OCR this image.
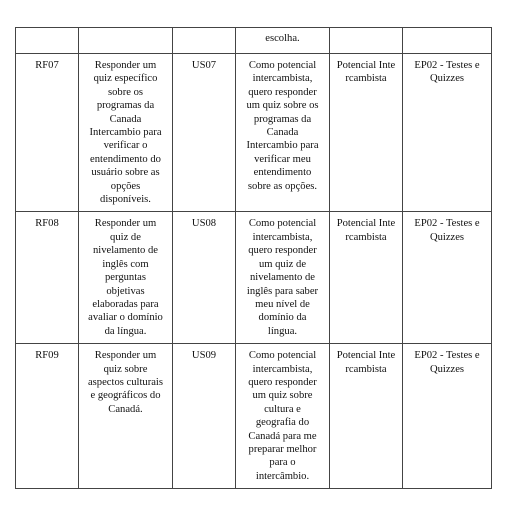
			escolha.		
RF07	Responder um quiz específico sobre os programas da Canada Intercambio para verificar o entendimento do usuário sobre as opções disponíveis.	US07	Como potencial intercambista, quero responder um quiz sobre os programas da Canada Intercambio para verificar meu entendimento sobre as opções.	Potencial Intercambista	EP02 - Testes e Quizzes
RF08	Responder um quiz de nivelamento de inglês com perguntas objetivas elaboradas para avaliar o domínio da língua.	US08	Como potencial intercambista, quero responder um quiz de nivelamento de inglês para saber meu nível de domínio da língua.	Potencial Intercambista	EP02 - Testes e Quizzes
RF09	Responder um quiz sobre aspectos culturais e geográficos do Canadá.	US09	Como potencial intercambista, quero responder um quiz sobre cultura e geografia do Canadá para me preparar melhor para o intercâmbio.	Potencial Intercambista	EP02 - Testes e Quizzes
